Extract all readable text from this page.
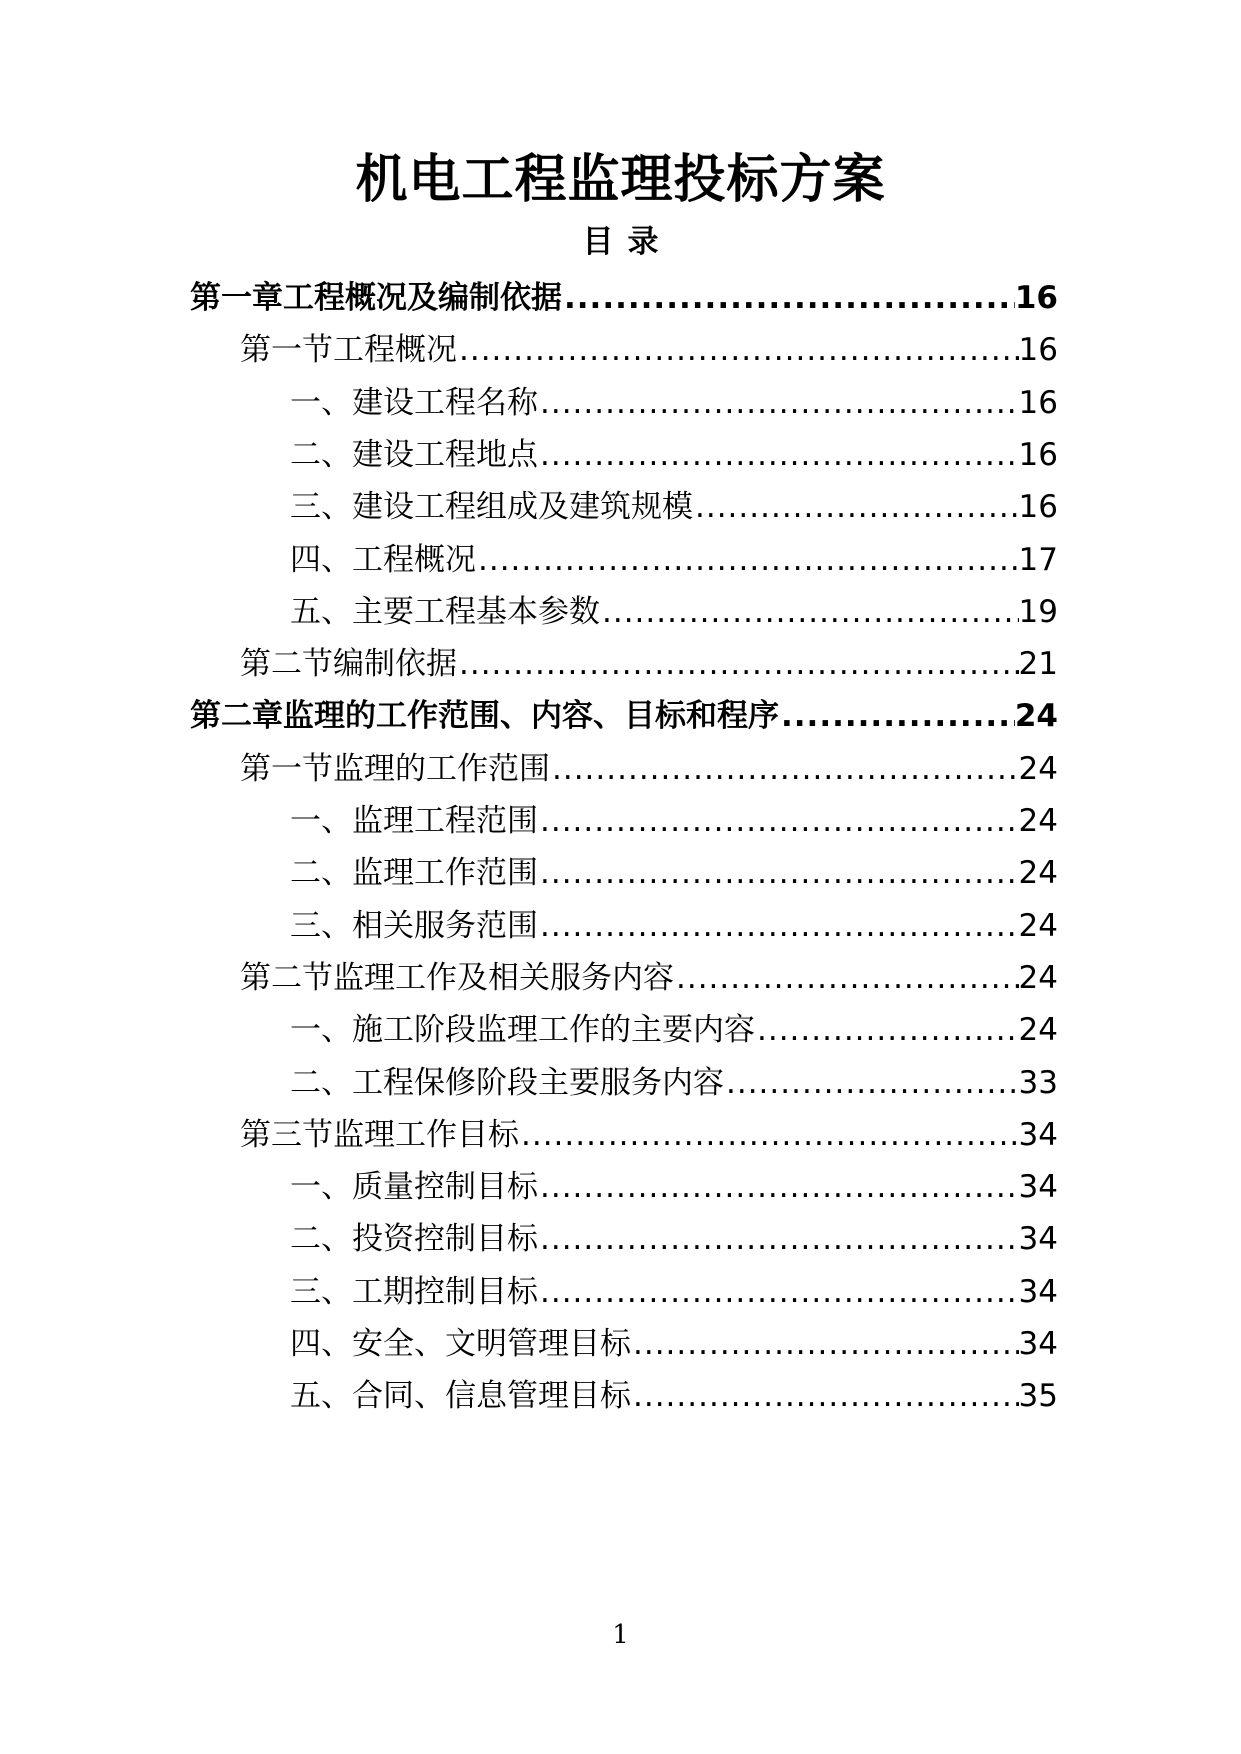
机电工程监理投标方案
目 录
第一章 工程概况及编制依据 .....	16
第一节 工程概况 .....	16
一、 建设工程名称 .....	16
二、 建设工程地点 .....	16
三、 建设工程组成及建筑规模 .....	16
四、 工程概况 .....	17
五、 主要工程基本参数 .....	19
第二节 编制依据 .....	21
第二章 监理的工作范围、内容、目标和程序 .....	24
第一节 监理的工作范围 .....	24
一、 监理工程范围 .....	24
二、 监理工作范围 .....	24
三、 相关服务范围 .....	24
第二节 监理工作及相关服务内容 .....	24
一、 施工阶段监理工作的主要内容 .....	24
二、 工程保修阶段主要服务内容 .....	33
第三节 监理工作目标 .....	34
一、 质量控制目标 .....	34
二、 投资控制目标 .....	34
三、 工期控制目标 .....	34
四、 安全、文明管理目标 .....	34
五、 合同、信息管理目标 .....	35
1
